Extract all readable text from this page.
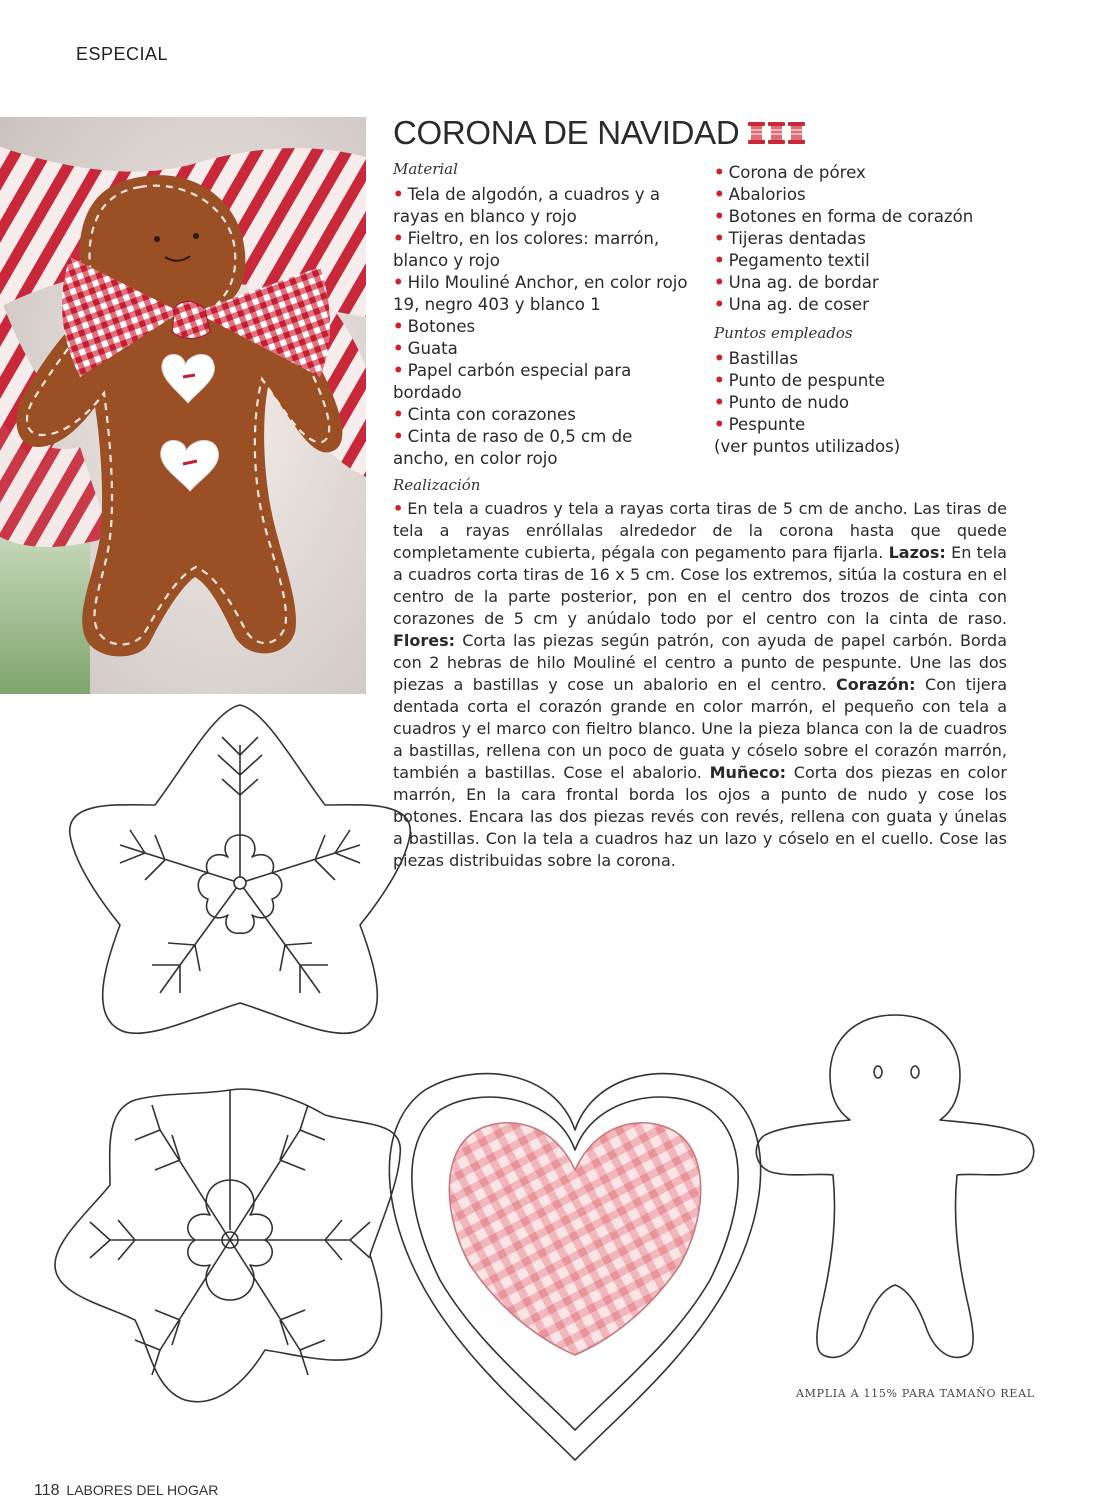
ESPECIAL
CORONA DE NAVIDAD
Material
• Tela de algodón, a cuadros y a rayas en blanco y rojo
• Fieltro, en los colores: marrón, blanco y rojo
• Hilo Mouliné Anchor, en color rojo 19, negro 403 y blanco 1
• Botones
• Guata
• Papel carbón especial para bordado
• Cinta con corazones
• Cinta de raso de 0,5 cm de ancho, en color rojo
• Corona de pórex
• Abalorios
• Botones en forma de corazón
• Tijeras dentadas
• Pegamento textil
• Una ag. de bordar
• Una ag. de coser
Puntos empleados
• Bastillas
• Punto de pespunte
• Punto de nudo
• Pespunte
(ver puntos utilizados)
Realización

• En tela a cuadros y tela a rayas corta tiras de 5 cm de ancho. Las tiras de tela a rayas enróllalas alrededor de la corona hasta que quede completamente cubierta, pégala con pegamento para fijarla. Lazos: En tela a cuadros corta tiras de 16 x 5 cm. Cose los extremos, sitúa la costura en el centro de la parte posterior, pon en el centro dos trozos de cinta con corazones de 5 cm y anúdalo todo por el centro con la cinta de raso. Flores: Corta las piezas según patrón, con ayuda de papel carbón. Borda con 2 hebras de hilo Mouliné el centro a punto de pespunte. Une las dos piezas a bastillas y cose un abalorio en el centro. Corazón: Con tijera dentada corta el corazón grande en color marrón, el pequeño con tela a cuadros y el marco con fieltro blanco. Une la pieza blanca con la de cuadros a bastillas, rellena con un poco de guata y cóselo sobre el corazón marrón, también a bastillas. Cose el abalorio. Muñeco: Corta dos piezas en color marrón, En la cara frontal borda los ojos a punto de nudo y cose los botones. Encara las dos piezas revés con revés, rellena con guata y únelas a bastillas. Con la tela a cuadros haz un lazo y cóselo en el cuello. Cose las piezas distribuidas sobre la corona.

AMPLIA A 115% PARA TAMAÑO REAL
118 LABORES DEL HOGAR
